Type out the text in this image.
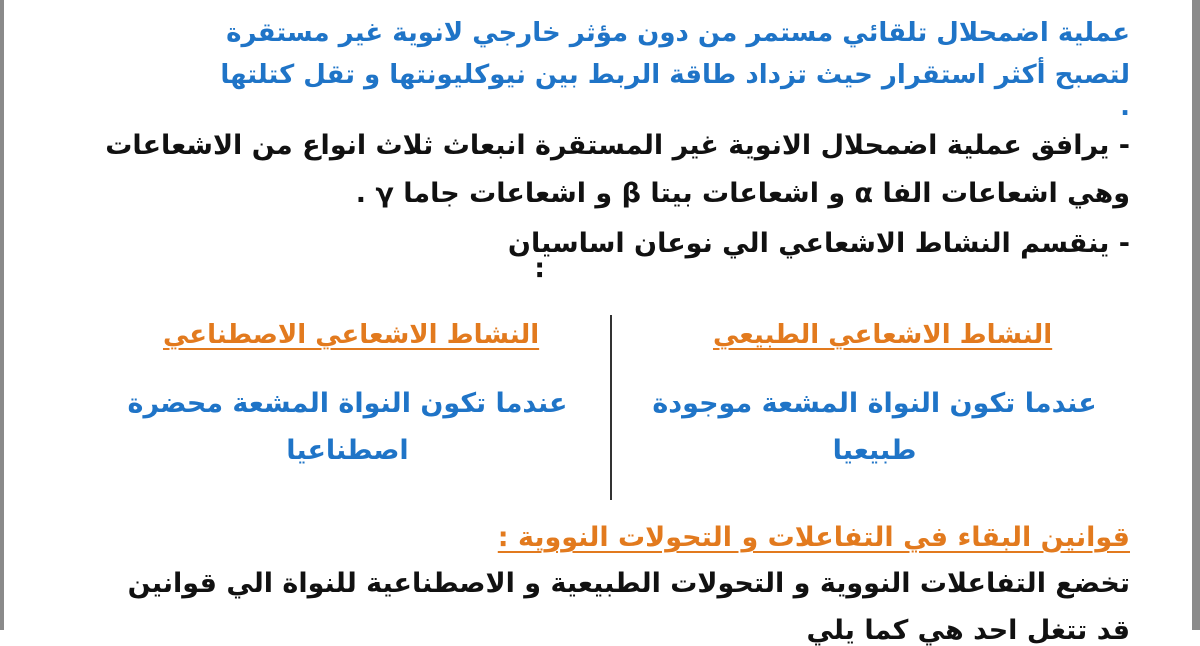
عملية اضمحلال تلقائي مستمر من دون مؤثر خارجي لانوية غير مستقرة
لتصبح أكثر استقرار حيث تزداد طاقة الربط بين نيوكليونتها و تقل كتلتها
.
- يرافق عملية اضمحلال الانوية غير المستقرة انبعاث ثلاث انواع من الاشعاعات
وهي اشعاعات الفا α و اشعاعات بيتا β و اشعاعات جاما γ .
- ينقسم النشاط الاشعاعي الي نوعان اساسيان
:
النشاط الاشعاعي الطبيعي
النشاط الاشعاعي الاصطناعي
عندما تكون النواة المشعة موجودة
طبيعيا
عندما تكون النواة المشعة محضرة
اصطناعيا
قوانين البقاء في التفاعلات و التحولات النووية :
تخضع التفاعلات النووية و التحولات الطبيعية و الاصطناعية للنواة الي قوانين
قد تتغل احد هي كما يلي
